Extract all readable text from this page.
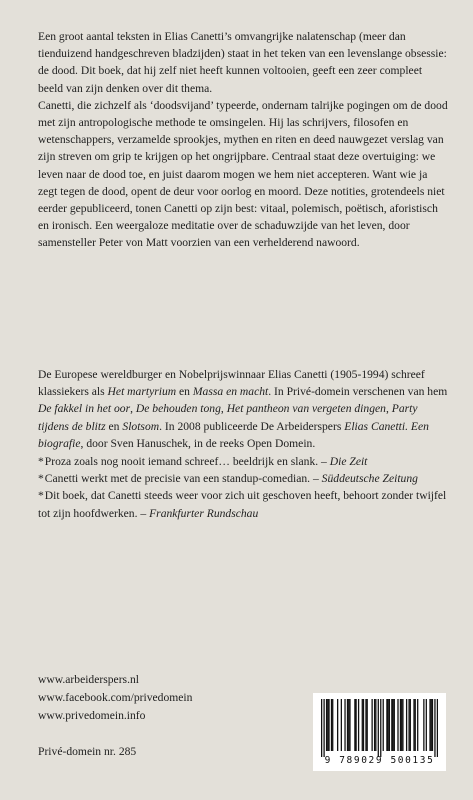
Een groot aantal teksten in Elias Canetti’s omvangrijke nalatenschap (meer dan tienduizend handgeschreven bladzijden) staat in het teken van een levenslange obsessie: de dood. Dit boek, dat hij zelf niet heeft kunnen voltooien, geeft een zeer compleet beeld van zijn denken over dit thema.

Canetti, die zichzelf als ‘doodsvijand’ typeerde, ondernam talrijke pogingen om de dood met zijn antropologische methode te omsingelen. Hij las schrijvers, filosofen en wetenschappers, verzamelde sprookjes, mythen en riten en deed nauwgezet verslag van zijn streven om grip te krijgen op het ongrijpbare. Centraal staat deze overtuiging: we leven naar de dood toe, en juist daarom mogen we hem niet accepteren. Want wie ja zegt tegen de dood, opent de deur voor oorlog en moord. Deze notities, grotendeels niet eerder gepubliceerd, tonen Canetti op zijn best: vitaal, polemisch, poëtisch, aforistisch en ironisch. Een weergaloze meditatie over de schaduwzijde van het leven, door samensteller Peter von Matt voorzien van een verhelderend nawoord.

De Europese wereldburger en Nobelprijswinnaar Elias Canetti (1905-1994) schreef klassiekers als Het martyrium en Massa en macht. In Privé-domein verschenen van hem De fakkel in het oor, De behouden tong, Het pantheon van vergeten dingen, Party tijdens de blitz en Slotsom. In 2008 publiceerde De Arbeiderspers Elias Canetti. Een biografie, door Sven Hanuschek, in de reeks Open Domein.

*Proza zoals nog nooit iemand schreef… beeldrijk en slank. – Die Zeit

*Canetti werkt met de precisie van een standup-comedian. – Süddeutsche Zeitung

*Dit boek, dat Canetti steeds weer voor zich uit geschoven heeft, behoort zonder twijfel tot zijn hoofdwerken. – Frankfurter Rundschau

www.arbeiderspers.nl
www.facebook.com/privedomein
www.privedomein.info
Privé-domein nr. 285
9 789029 500135
